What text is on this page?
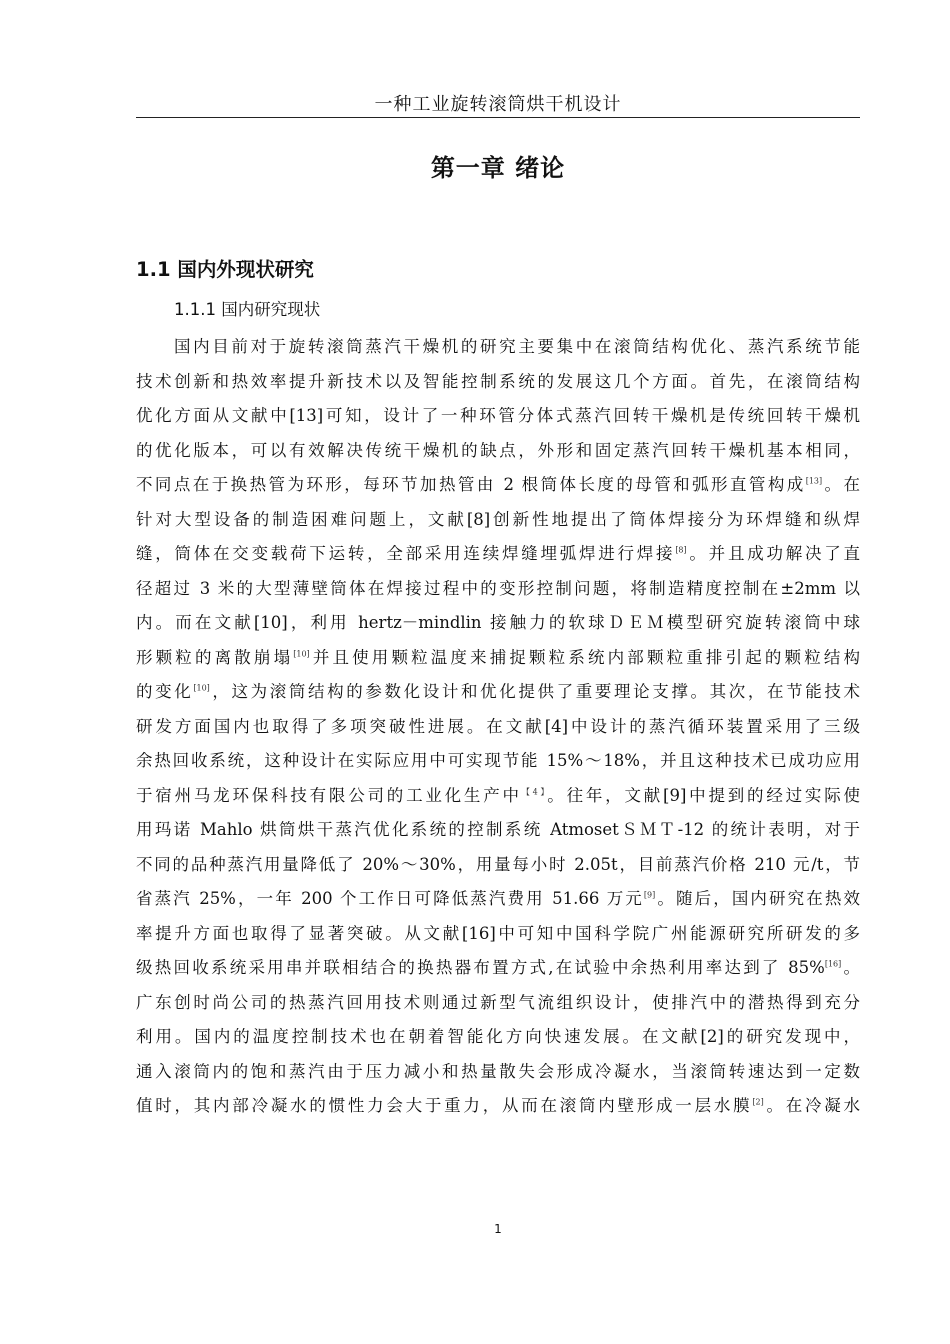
一种工业旋转滚筒烘干机设计
第一章 绪论
1.1 国内外现状研究
1.1.1 国内研究现状
国内目前对于旋转滚筒蒸汽干燥机的研究主要集中在滚筒结构优化、蒸汽系统节能
技术创新和热效率提升新技术以及智能控制系统的发展这几个方面。首先，在滚筒结构
优化方面从文献中[13]可知，设计了一种环管分体式蒸汽回转干燥机是传统回转干燥机
的优化版本，可以有效解决传统干燥机的缺点，外形和固定蒸汽回转干燥机基本相同，
不同点在于换热管为环形，每环节加热管由 2 根筒体长度的母管和弧形直管构成[13]。在
针对大型设备的制造困难问题上，文献[8]创新性地提出了筒体焊接分为环焊缝和纵焊
缝，筒体在交变载荷下运转，全部采用连续焊缝埋弧焊进行焊接[8]。并且成功解决了直
径超过 3 米的大型薄壁筒体在焊接过程中的变形控制问题，将制造精度控制在±2mm 以
内。而在文献[10]，利用 hertz－mindlin 接触力的软球ＤＥＭ模型研究旋转滚筒中球
形颗粒的离散崩塌[10]并且使用颗粒温度来捕捉颗粒系统内部颗粒重排引起的颗粒结构
的变化[10]，这为滚筒结构的参数化设计和优化提供了重要理论支撑。其次，在节能技术
研发方面国内也取得了多项突破性进展。在文献[4]中设计的蒸汽循环装置采用了三级
余热回收系统，这种设计在实际应用中可实现节能 15%～18%，并且这种技术已成功应用
于宿州马龙环保科技有限公司的工业化生产中$^{【4】}$。往年，文献[9]中提到的经过实际使
用玛诺 Mahlo 烘筒烘干蒸汽优化系统的控制系统 AtmosetＳＭＴ-12 的统计表明，对于
不同的品种蒸汽用量降低了 20%～30%，用量每小时 2.05t，目前蒸汽价格 210 元/t，节
省蒸汽 25%，一年 200 个工作日可降低蒸汽费用 51.66 万元[9]。随后，国内研究在热效
率提升方面也取得了显著突破。从文献[16]中可知中国科学院广州能源研究所研发的多
级热回收系统采用串并联相结合的换热器布置方式,在试验中余热利用率达到了 85%[16]。
广东创时尚公司的热蒸汽回用技术则通过新型气流组织设计，使排汽中的潜热得到充分
利用。国内的温度控制技术也在朝着智能化方向快速发展。在文献[2]的研究发现中，
通入滚筒内的饱和蒸汽由于压力减小和热量散失会形成冷凝水，当滚筒转速达到一定数
值时，其内部冷凝水的惯性力会大于重力，从而在滚筒内壁形成一层水膜[2]。在冷凝水
1
